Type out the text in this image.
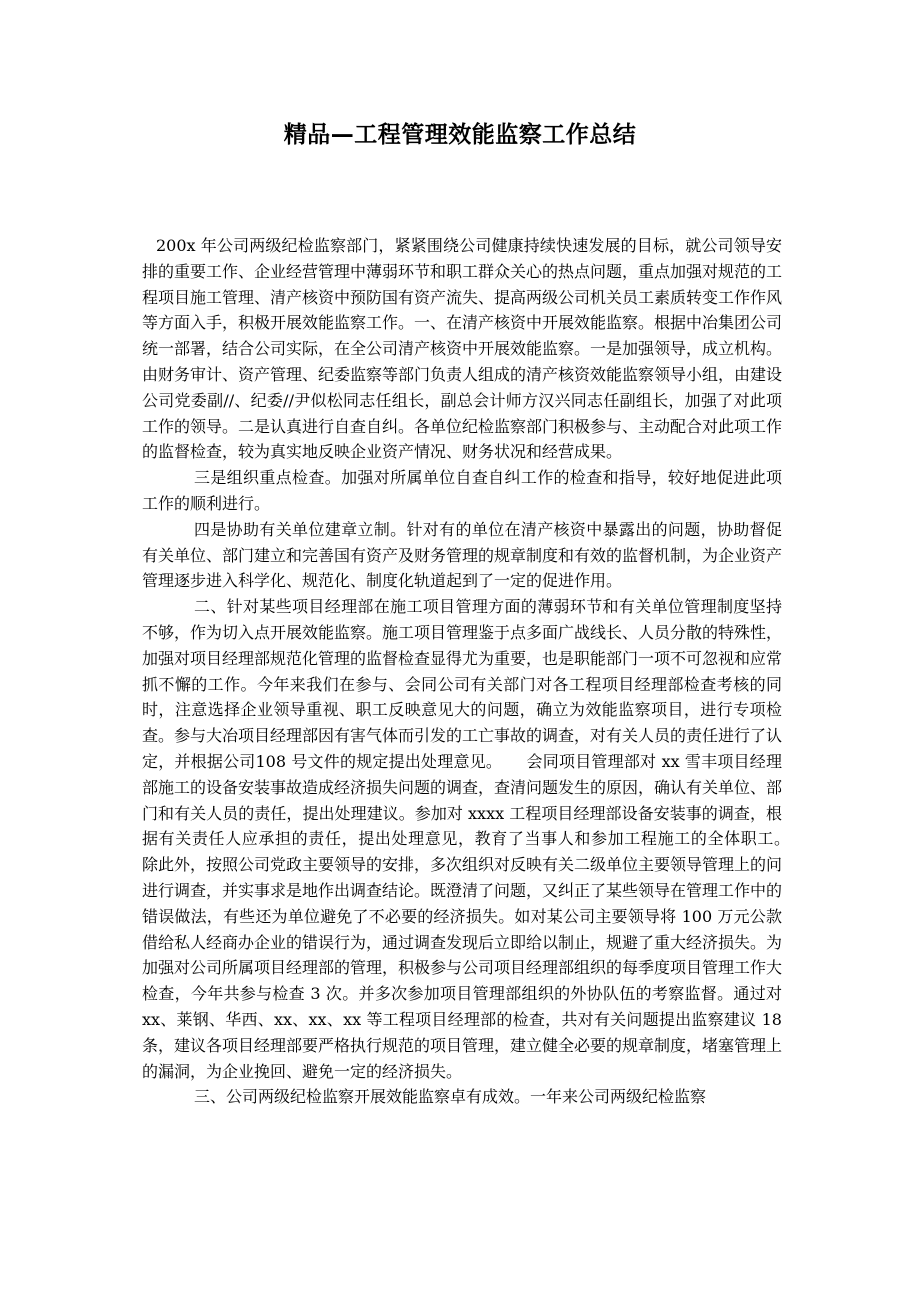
精品—工程管理效能监察工作总结

200x 年公司两级纪检监察部门，紧紧围绕公司健康持续快速发展的目标，就公司领导安排的重要工作、企业经营管理中薄弱环节和职工群众关心的热点问题，重点加强对规范的工程项目施工管理、清产核资中预防国有资产流失、提高两级公司机关员工素质转变工作作风等方面入手，积极开展效能监察工作。一、在清产核资中开展效能监察。根据中冶集团公司统一部署，结合公司实际，在全公司清产核资中开展效能监察。一是加强领导，成立机构。由财务审计、资产管理、纪委监察等部门负责人组成的清产核资效能监察领导小组，由建设公司党委副//、纪委//尹似松同志任组长，副总会计师方汉兴同志任副组长，加强了对此项工作的领导。二是认真进行自查自纠。各单位纪检监察部门积极参与、主动配合对此项工作的监督检查，较为真实地反映企业资产情况、财务状况和经营成果。

三是组织重点检查。加强对所属单位自查自纠工作的检查和指导，较好地促进此项工作的顺利进行。

四是协助有关单位建章立制。针对有的单位在清产核资中暴露出的问题，协助督促有关单位、部门建立和完善国有资产及财务管理的规章制度和有效的监督机制，为企业资产管理逐步进入科学化、规范化、制度化轨道起到了一定的促进作用。

二、针对某些项目经理部在施工项目管理方面的薄弱环节和有关单位管理制度坚持不够，作为切入点开展效能监察。施工项目管理鉴于点多面广战线长、人员分散的特殊性，加强对项目经理部规范化管理的监督检查显得尤为重要，也是职能部门一项不可忽视和应常抓不懈的工作。今年来我们在参与、会同公司有关部门对各工程项目经理部检查考核的同时，注意选择企业领导重视、职工反映意见大的问题，确立为效能监察项目，进行专项检查。参与大冶项目经理部因有害气体而引发的工亡事故的调查，对有关人员的责任进行了认定，并根据公司108 号文件的规定提出处理意见。　　会同项目管理部对 xx 雪丰项目经理部施工的设备安装事故造成经济损失问题的调查，查清问题发生的原因，确认有关单位、部门和有关人员的责任，提出处理建议。参加对 xxxx 工程项目经理部设备安装事的调查，根据有关责任人应承担的责任，提出处理意见，教育了当事人和参加工程施工的全体职工。　　除此外，按照公司党政主要领导的安排，多次组织对反映有关二级单位主要领导管理上的问进行调查，并实事求是地作出调查结论。既澄清了问题，又纠正了某些领导在管理工作中的错误做法，有些还为单位避免了不必要的经济损失。如对某公司主要领导将 100 万元公款借给私人经商办企业的错误行为，通过调查发现后立即给以制止，规避了重大经济损失。为加强对公司所属项目经理部的管理，积极参与公司项目经理部组织的每季度项目管理工作大检查，今年共参与检查 3 次。并多次参加项目管理部组织的外协队伍的考察监督。通过对 xx、莱钢、华西、xx、xx、xx 等工程项目经理部的检查，共对有关问题提出监察建议 18 条，建议各项目经理部要严格执行规范的项目管理，建立健全必要的规章制度，堵塞管理上的漏洞，为企业挽回、避免一定的经济损失。

三、公司两级纪检监察开展效能监察卓有成效。一年来公司两级纪检监察
